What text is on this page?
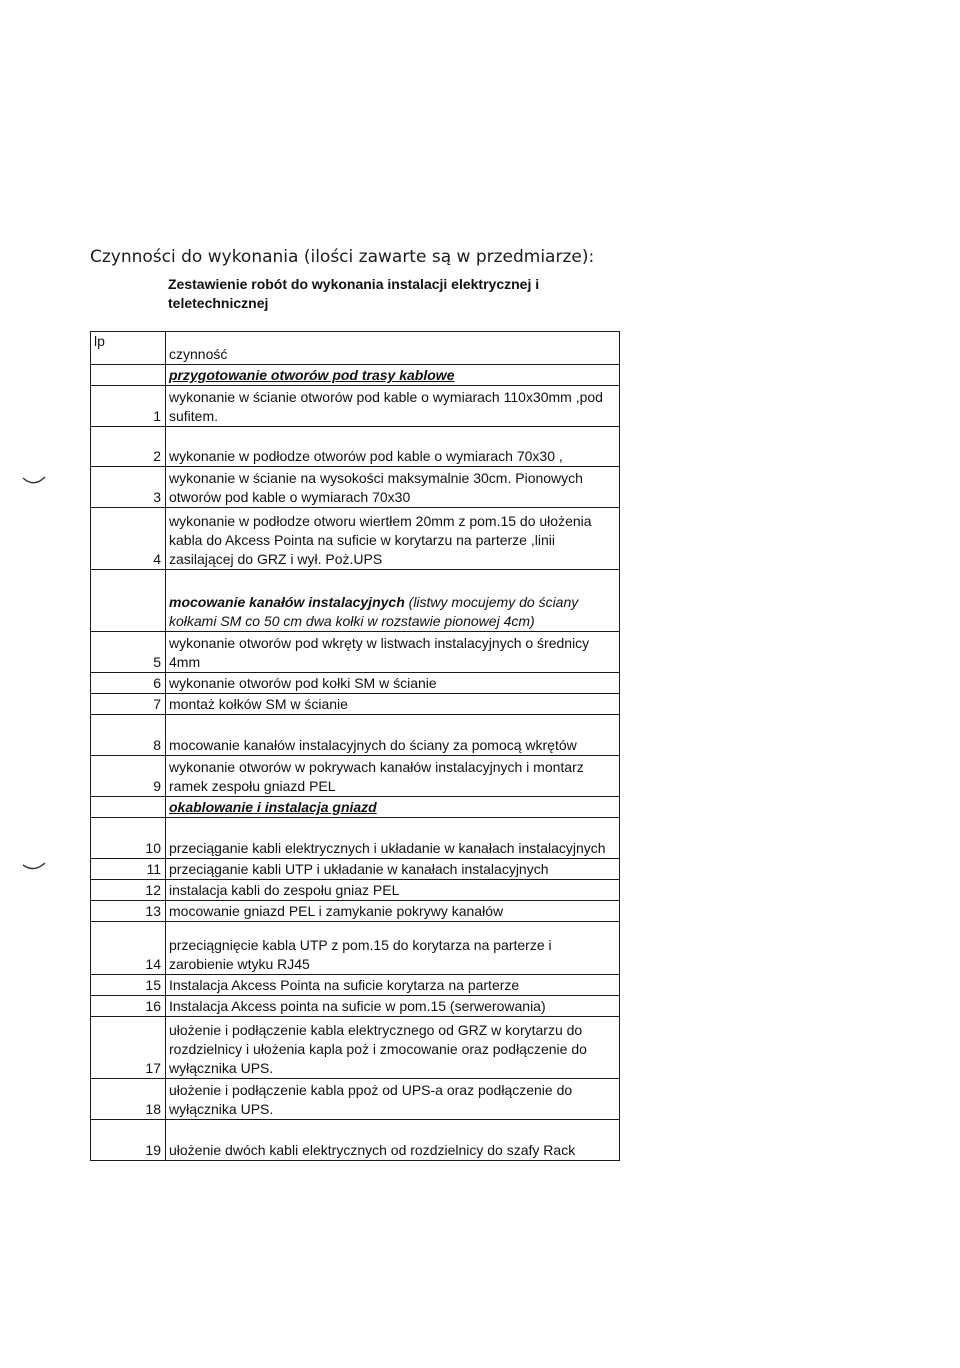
Czynności do wykonania (ilości zawarte są w przedmiarze):
Zestawienie robót do wykonania instalacji elektrycznej i teletechnicznej
lp	czynność
	przygotowanie otworów pod trasy kablowe
1	wykonanie w ścianie otworów pod kable o wymiarach 110x30mm ,pod sufitem.
2	wykonanie w podłodze otworów pod kable o wymiarach 70x30 ,
3	wykonanie w ścianie na wysokości maksymalnie 30cm. Pionowych otworów pod kable o wymiarach 70x30
4	wykonanie w podłodze otworu wiertłem 20mm z pom.15 do ułożenia kabla do Akcess Pointa na suficie w korytarzu na parterze ,linii zasilającej do GRZ i wył. Poż.UPS
	mocowanie kanałów instalacyjnych (listwy mocujemy do ściany kołkami SM co 50 cm dwa kołki w rozstawie pionowej 4cm)
5	wykonanie otworów pod wkręty w listwach instalacyjnych o średnicy 4mm
6	wykonanie otworów pod kołki SM w ścianie
7	montaż kołków SM w ścianie
8	mocowanie kanałów instalacyjnych do ściany za pomocą wkrętów
9	wykonanie otworów w pokrywach kanałów instalacyjnych i montarz ramek zespołu gniazd PEL
	okablowanie i instalacja gniazd
10	przeciąganie kabli elektrycznych i układanie w kanałach instalacyjnych
11	przeciąganie kabli UTP i układanie w kanałach instalacyjnych
12	instalacja kabli do zespołu gniaz PEL
13	mocowanie gniazd PEL i zamykanie pokrywy kanałów
14	przeciągnięcie kabla UTP z pom.15 do korytarza na parterze i zarobienie wtyku RJ45
15	Instalacja Akcess Pointa na suficie korytarza na parterze
16	Instalacja Akcess pointa na suficie w pom.15 (serwerowania)
17	ułożenie i podłączenie kabla elektrycznego od GRZ w korytarzu do rozdzielnicy i ułożenia kapla poż i zmocowanie oraz podłączenie do wyłącznika UPS.
18	ułożenie i podłączenie kabla ppoż od UPS-a oraz podłączenie do wyłącznika UPS.
19	ułożenie dwóch kabli elektrycznych od rozdzielnicy do szafy Rack
